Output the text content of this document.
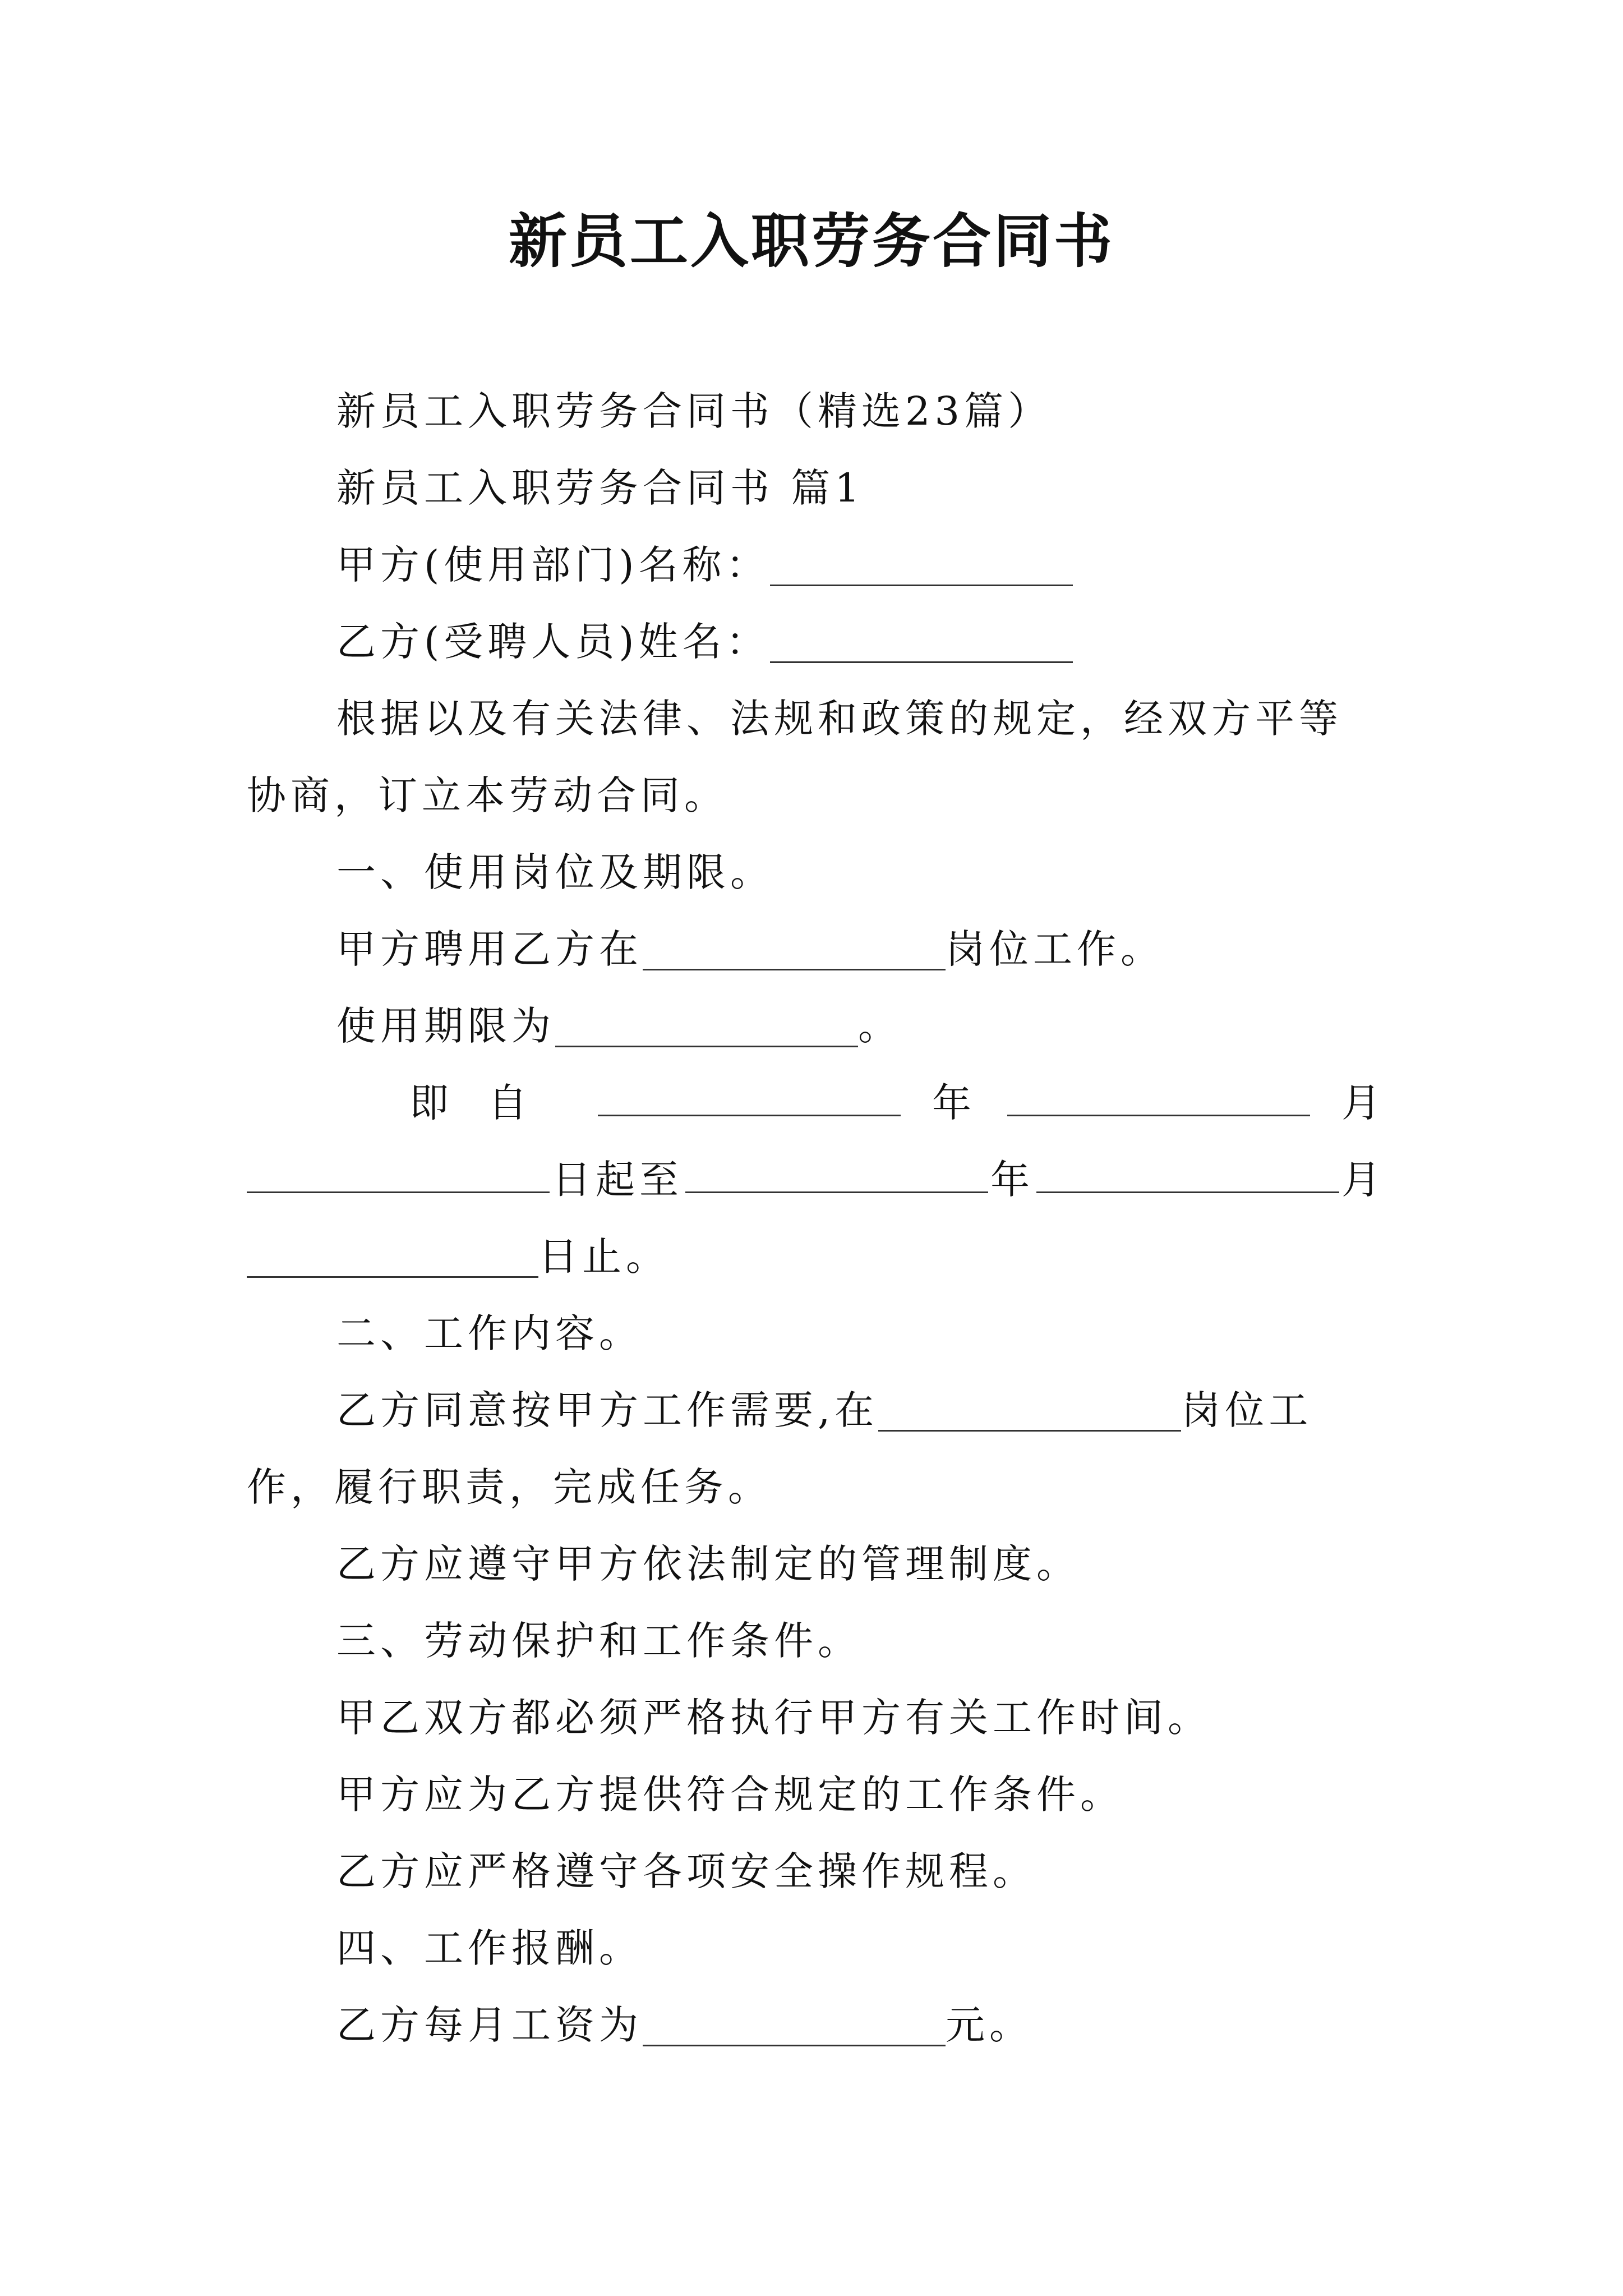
新员工入职劳务合同书

新员工入职劳务合同书（精选23篇）

新员工入职劳务合同书 篇1

甲方(使用部门)名称：

乙方(受聘人员)姓名：

根据以及有关法律、法规和政策的规定，经双方平等协商，订立本劳动合同。

一、使用岗位及期限。

甲方聘用乙方在	岗位工作。

使用期限为	。

即自	年	月

日起至	年	月

日止。

二、工作内容。

乙方同意按甲方工作需要,在	岗位工作，履行职责，完成任务。

乙方应遵守甲方依法制定的管理制度。

三、劳动保护和工作条件。

甲乙双方都必须严格执行甲方有关工作时间。

甲方应为乙方提供符合规定的工作条件。

乙方应严格遵守各项安全操作规程。

四、工作报酬。

乙方每月工资为	元。
